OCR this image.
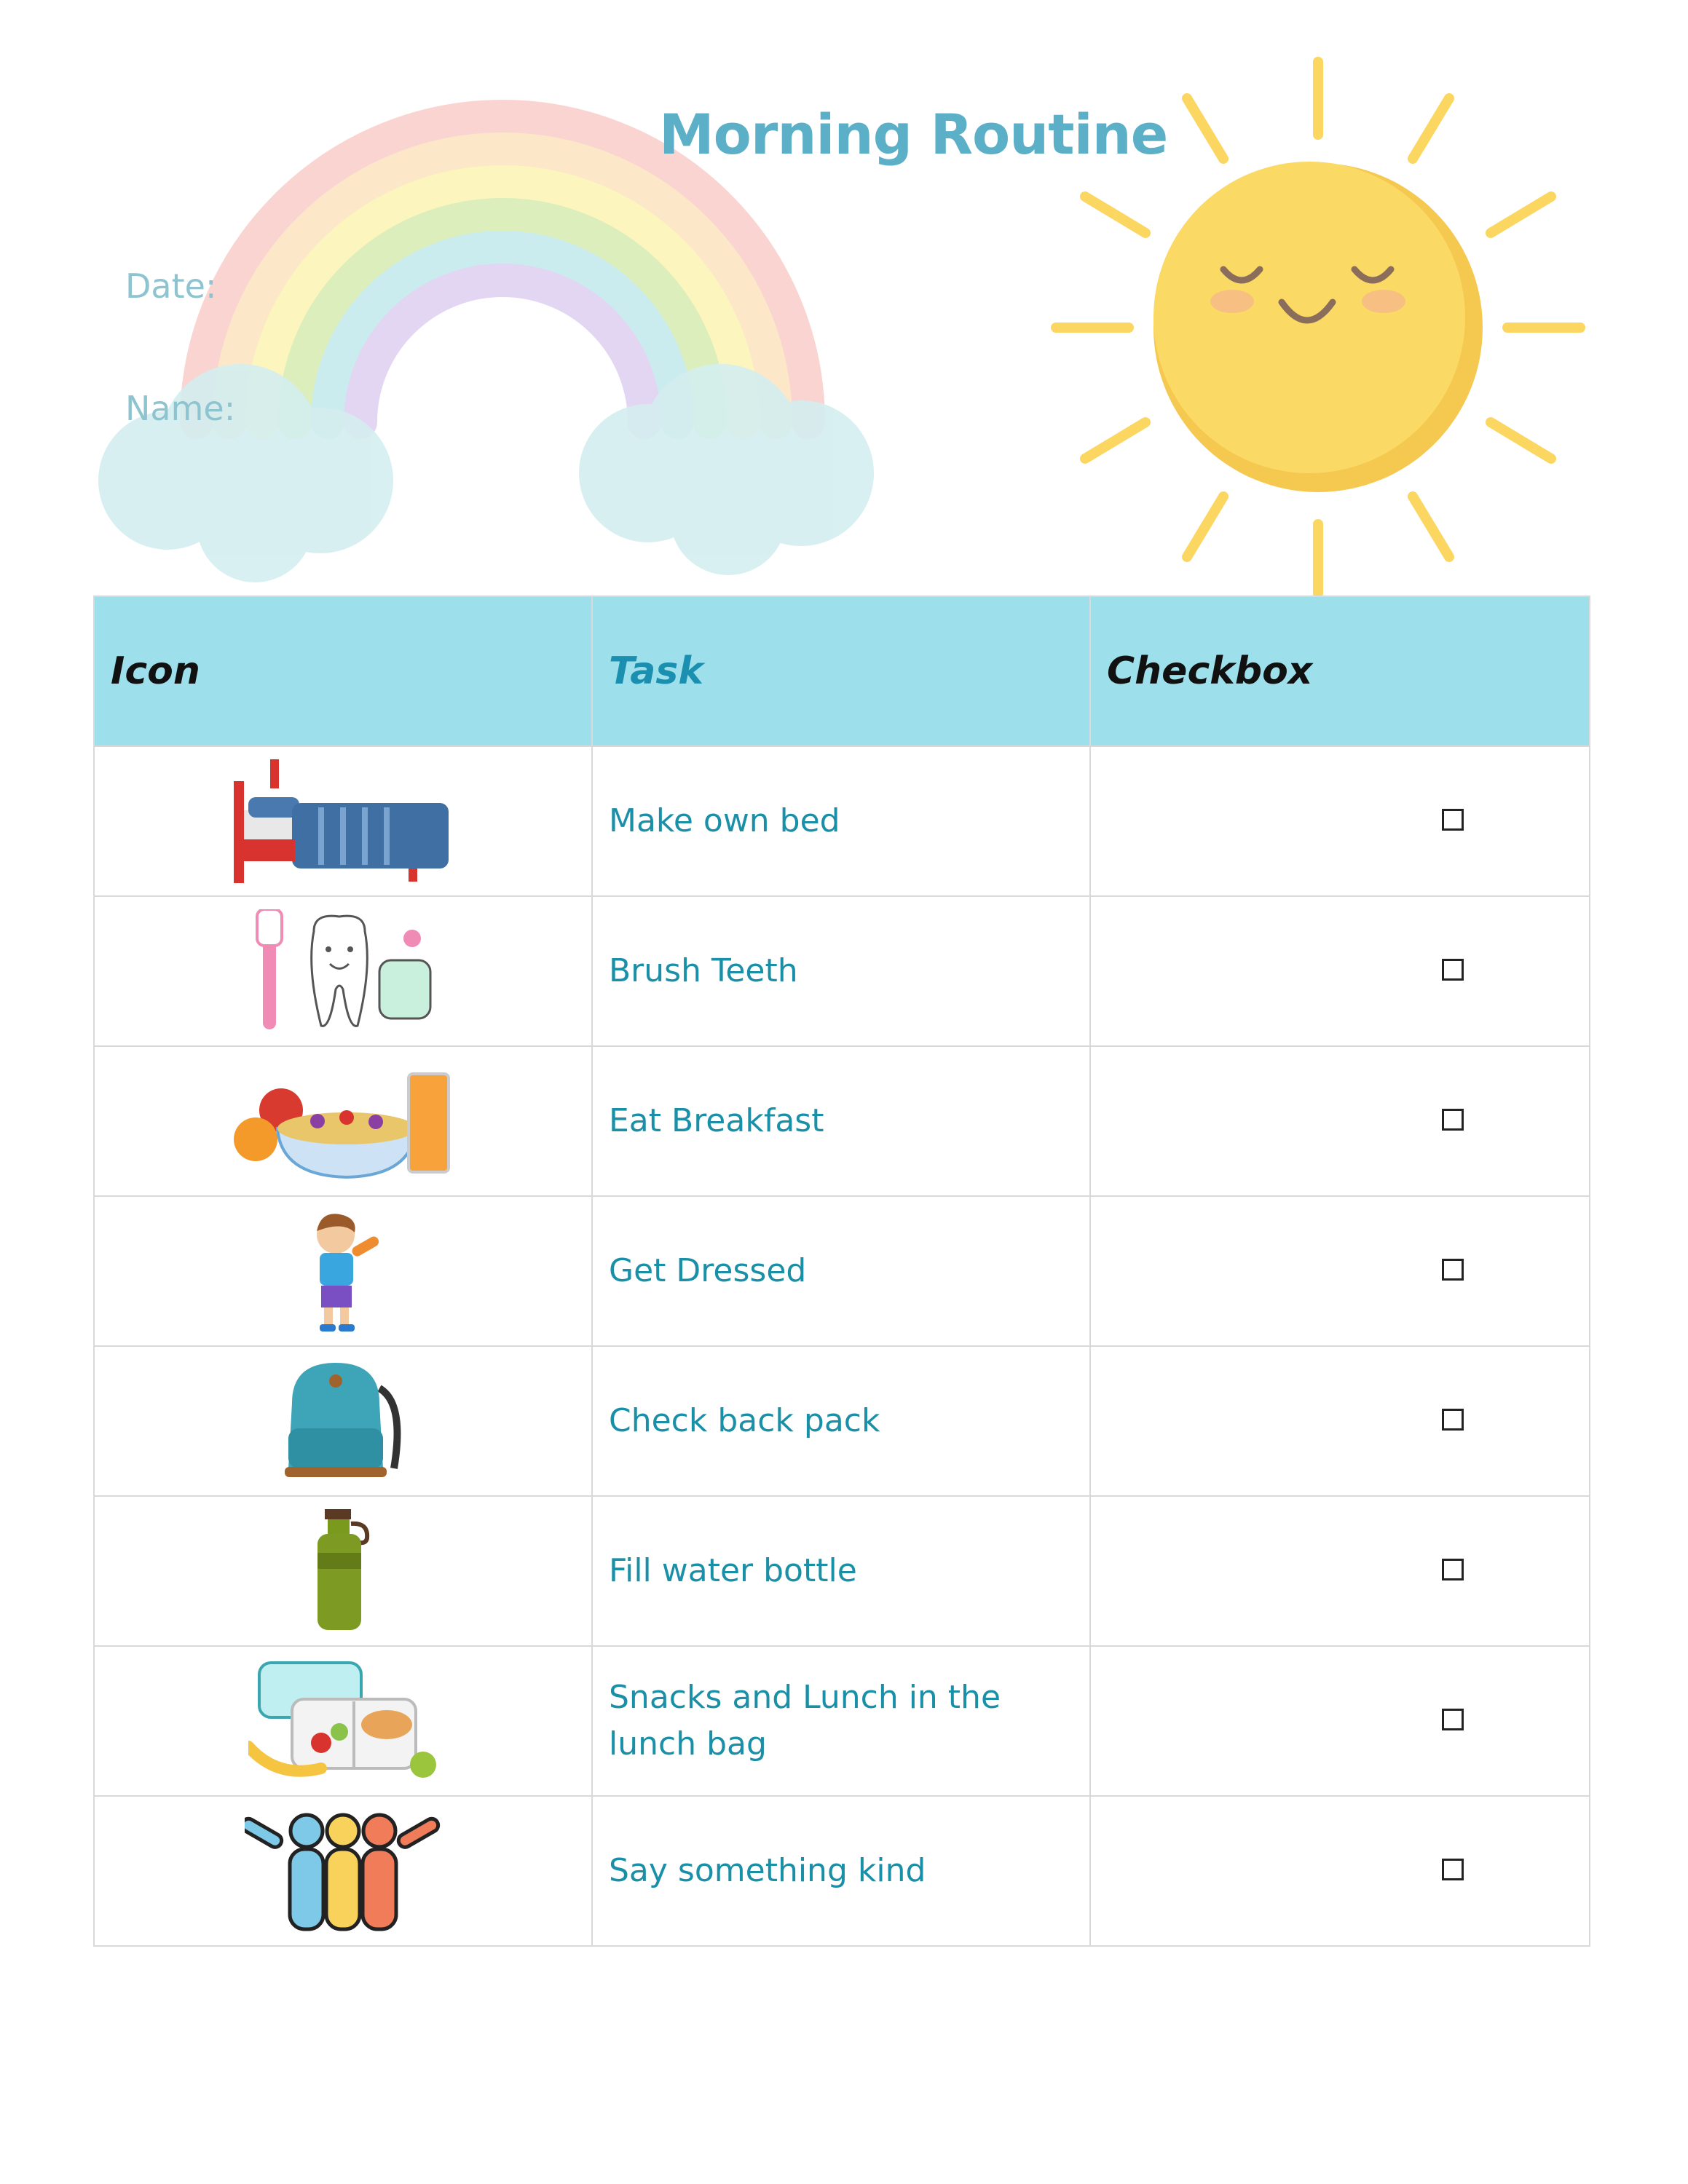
Morning Routine
Date:
Name:
Icon	Task	Checkbox

	Make own bed	

	Brush Teeth	

	Eat Breakfast	

	Get Dressed	

	Check back pack	

	Fill water bottle	

	Snacks and Lunch in the lunch bag	

	Say something kind	
